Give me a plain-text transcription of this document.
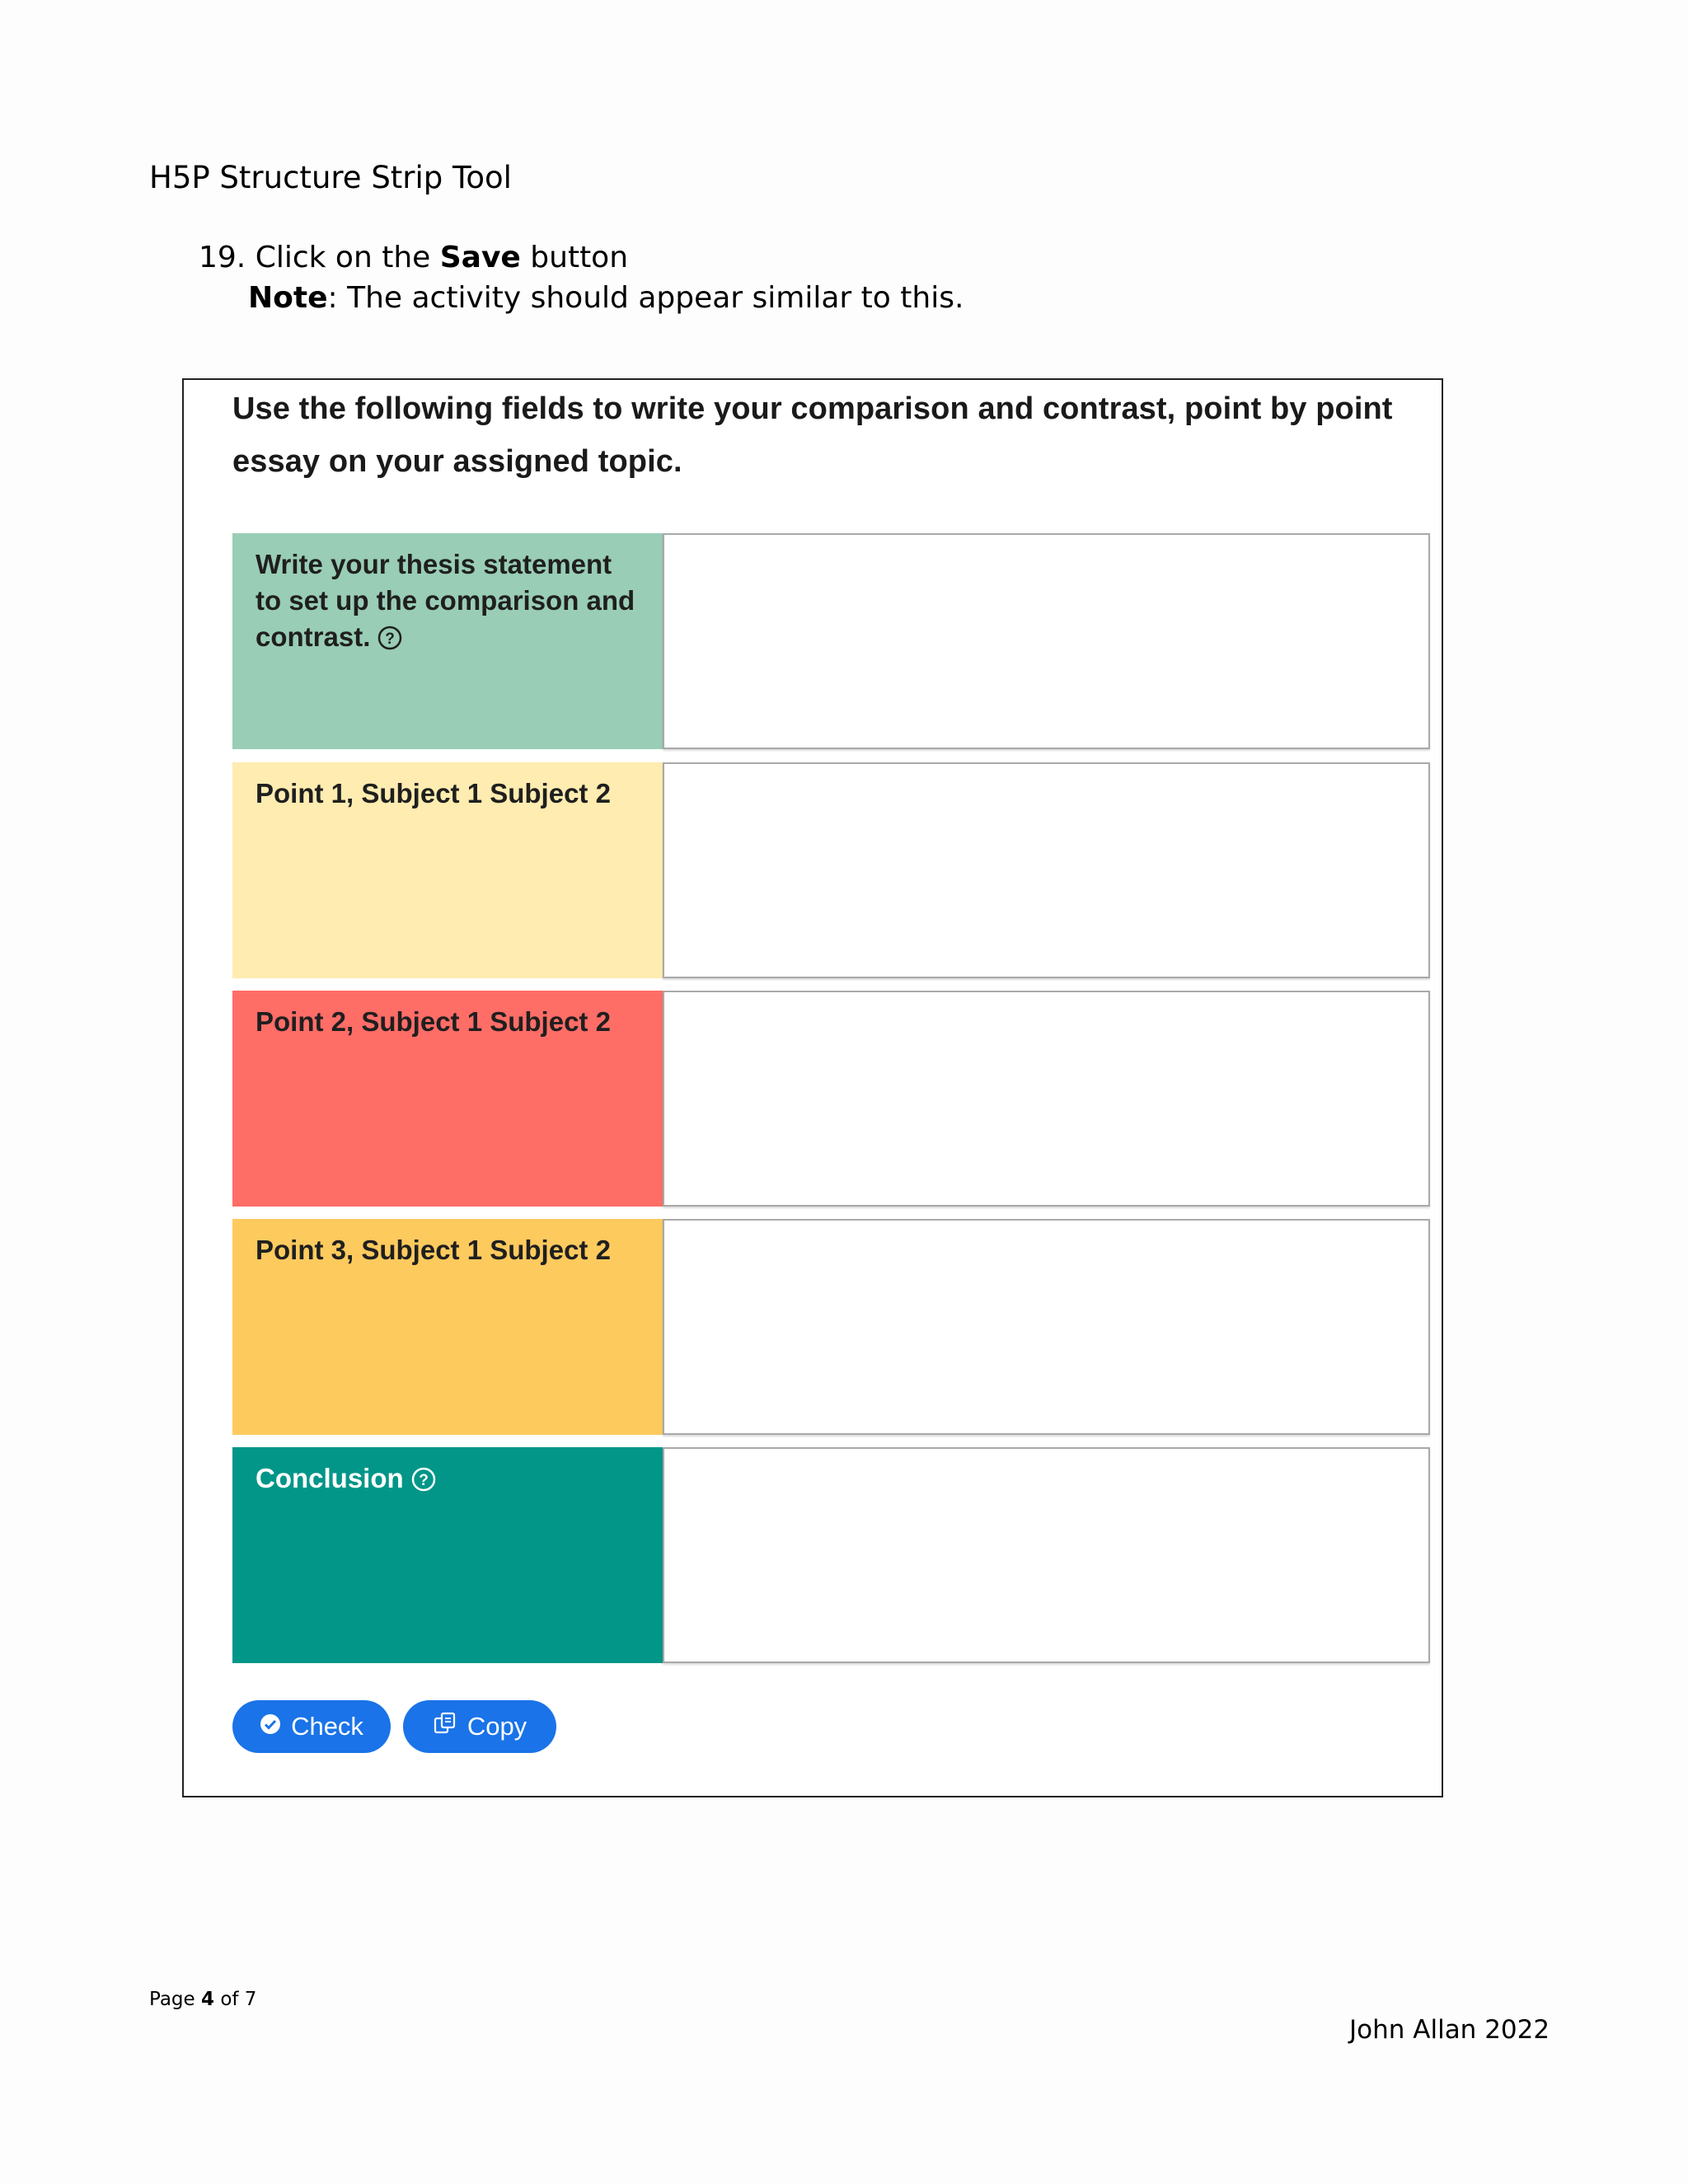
H5P Structure Strip Tool
19. Click on the Save button
Note: The activity should appear similar to this.
Use the following fields to write your comparison and contrast, point by point essay on your assigned topic.
Write your thesis statement to set up the comparison and contrast. ?
Point 1, Subject 1 Subject 2
Point 2, Subject 1 Subject 2
Point 3, Subject 1 Subject 2
Conclusion ?
Check	Copy
Page 4 of 7
John Allan 2022
